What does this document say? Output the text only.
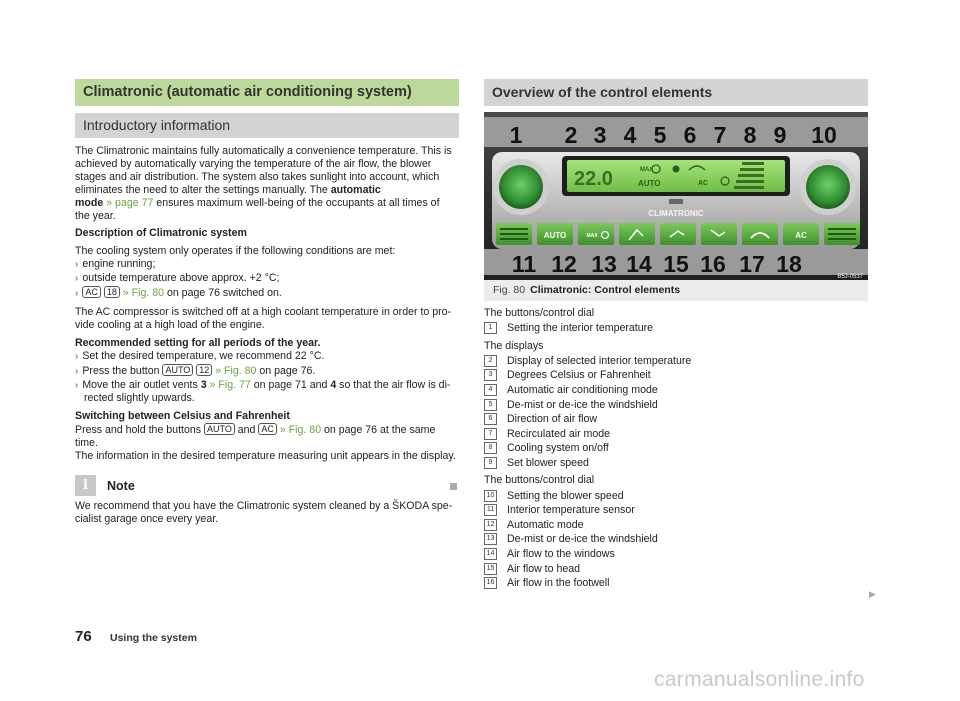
Climatronic (automatic air conditioning system)
Introductory information

The Climatronic maintains fully automatically a convenience temperature. This is

achieved by automatically varying the temperature of the air flow, the blower

stages and air distribution. The system also takes sunlight into account, which

eliminates the need to alter the settings manually. The automatic

mode » page 77 ensures maximum well-being of the occupants at all times of

the year.

Description of Climatronic system

The cooling system only operates if the following conditions are met:

› engine running;

› outside temperature above approx. +2 °C;

› AC 18 » Fig. 80 on page 76 switched on.

The AC compressor is switched off at a high coolant temperature in order to pro-

vide cooling at a high load of the engine.

Recommended setting for all periods of the year.

› Set the desired temperature, we recommend 22 °C.

› Press the button AUTO 12 » Fig. 80 on page 76.

› Move the air outlet vents 3 » Fig. 77 on page 71 and 4 so that the air flow is di-

rected slightly upwards.

Switching between Celsius and Fahrenheit

Press and hold the buttons AUTO and AC » Fig. 80 on page 76 at the same time.

The information in the desired temperature measuring unit appears in the display.

i	Note

We recommend that you have the Climatronic system cleaned by a ŠKODA spe-

cialist garage once every year.

Overview of the control elements
22.0	MAX
AUTO	AC
CLIMATRONIC
AUTO	MAX	AC
1 2 3 4 5 6 7 8 9 10
11 12 13 14 15 16 17 18	B5J-0537
Fig. 80 Climatronic: Control elements
The buttons/control dial
1	Setting the interior temperature
The displays
2	Display of selected interior temperature
3	Degrees Celsius or Fahrenheit
4	Automatic air conditioning mode
5	De-mist or de-ice the windshield
6	Direction of air flow
7	Recirculated air mode
8	Cooling system on/off
9	Set blower speed
The buttons/control dial
10 Setting the blower speed
11 Interior temperature sensor
12 Automatic mode
13 De-mist or de-ice the windshield
14 Air flow to the windows
15 Air flow to head
16 Air flow in the footwell
▶
76 Using the system
carmanualsonline.info
